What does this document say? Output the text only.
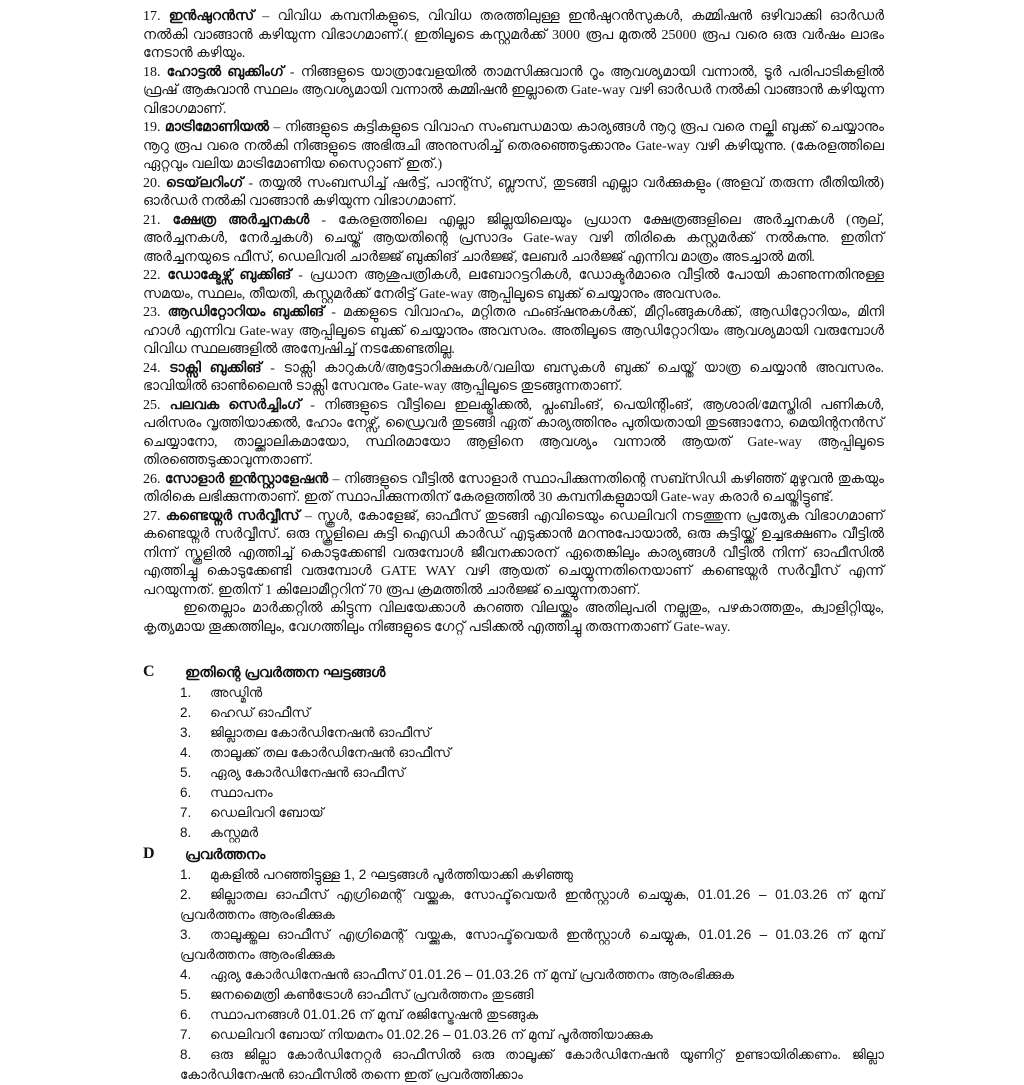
17. ഇൻഷുറൻസ് – വിവിധ കമ്പനികളുടെ, വിവിധ തരത്തിലുള്ള ഇൻഷുറൻസുകൾ, കമ്മിഷൻ ഒഴിവാക്കി ഓർഡർ നൽകി വാങ്ങാൻ കഴിയുന്ന വിഭാഗമാണ്.( ഇതിലൂടെ കസ്റ്റമർക്ക് 3000 രൂപ മുതൽ 25000 രൂപ വരെ ഒരു വർഷം ലാഭം നേടാൻ കഴിയും.

18. ഹോട്ടൽ ബുക്കിംഗ് - നിങ്ങളുടെ യാത്രാവേളയിൽ താമസിക്കുവാൻ റൂം ആവശ്യമായി വന്നാൽ, ടൂർ പരിപാടികളിൽ ഫ്രഷ് ആകുവാൻ സ്ഥലം ആവശ്യമായി വന്നാൽ കമ്മിഷൻ ഇല്ലാതെ Gate-way വഴി ഓർഡർ നൽകി വാങ്ങാൻ കഴിയുന്ന വിഭാഗമാണ്.

19. മാട്രിമോണിയൽ – നിങ്ങളുടെ കുട്ടികളുടെ വിവാഹ സംബന്ധമായ കാര്യങ്ങൾ നൂറു രൂപ വരെ നല്കി ബുക്ക് ചെയ്യാനും നൂറു രൂപ വരെ നൽകി നിങ്ങളുടെ അഭിരുചി അനുസരിച്ച് തെരഞ്ഞെടുക്കാനും Gate-way വഴി കഴിയുന്നു. (കേരളത്തിലെ ഏറ്റവും വലിയ മാട്രിമോണിയ സൈറ്റാണ് ഇത്.)

20. ടെയ്‌ലറിംഗ് - തയ്യൽ സംബന്ധിച്ച് ഷർട്ട്, പാന്റ്സ്, ബ്ലൗസ്, തുടങ്ങി എല്ലാ വർക്കുകളും (അളവ് തരുന്ന രീതിയിൽ) ഓർഡർ നൽകി വാങ്ങാൻ കഴിയുന്ന വിഭാഗമാണ്.

21. ക്ഷേത്ര അർച്ചനകൾ - കേരളത്തിലെ എല്ലാ ജില്ലയിലെയും പ്രധാന ക്ഷേത്രങ്ങളിലെ അർച്ചനകൾ (നൂല്, അർച്ചനകൾ, നേർച്ചകൾ) ചെയ്ത് ആയതിന്റെ പ്രസാദം Gate-way വഴി തിരികെ കസ്റ്റമർക്ക് നൽകുന്നു. ഇതിന് അർച്ചനയുടെ ഫീസ്, ഡെലിവരി ചാർജ്ജ് ബുക്കിങ് ചാർജ്ജ്, ലേബർ ചാർജ്ജ് എന്നിവ മാത്രം അടച്ചാൽ മതി.

22. ഡോക്ടേഴ്സ് ബുക്കിങ് - പ്രധാന ആശുപത്രികൾ, ലബോറട്ടറികൾ, ഡോക്ടർമാരെ വീട്ടിൽ പോയി കാണുന്നതിനുള്ള സമയം, സ്ഥലം, തീയതി, കസ്റ്റമർക്ക് നേരിട്ട് Gate-way ആപ്പിലൂടെ ബുക്ക് ചെയ്യാനും അവസരം.

23. ആഡിറ്റോറിയം ബുക്കിങ് - മക്കളുടെ വിവാഹം, മറ്റിതര ഫംങ്ഷനുകൾക്ക്, മീറ്റിംങ്ങുകൾക്ക്, ആഡിറ്റോറിയം, മിനി ഹാൾ എന്നിവ Gate-way ആപ്പിലൂടെ ബുക്ക് ചെയ്യാനും അവസരം. അതിലൂടെ ആഡിറ്റോറിയം ആവശ്യമായി വരുമ്പോൾ വിവിധ സ്ഥലങ്ങളിൽ അന്വേഷിച്ച് നടക്കേണ്ടതില്ല.

24. ടാക്സി ബുക്കിങ് - ടാക്സി കാറുകൾ/ആട്ടോറിക്ഷകൾ/വലിയ ബസുകൾ ബുക്ക് ചെയ്ത് യാത്ര ചെയ്യാൻ അവസരം. ഭാവിയിൽ ഓൺലൈൻ ടാക്സി സേവനും Gate-way ആപ്പിലൂടെ തുടങ്ങുന്നതാണ്.

25. പലവക സെർച്ചിംഗ് - നിങ്ങളുടെ വീട്ടിലെ ഇലക്ട്രിക്കൽ, പ്ലംബിംങ്, പെയിന്റിംങ്, ആശാരി/മേസ്തിരി പണികൾ, പരിസരം വൃത്തിയാക്കൽ, ഹോം നേഴ്സ്, ഡ്രൈവർ തുടങ്ങി ഏത് കാര്യത്തിനും പുതിയതായി തുടങ്ങാനോ, മെയിന്റനൻസ് ചെയ്യാനോ, താല്ക്കാലികമായോ, സ്ഥിരമായോ ആളിനെ ആവശ്യം വന്നാൽ ആയത് Gate-way ആപ്പിലൂടെ തിരഞ്ഞെടുക്കാവുന്നതാണ്.

26. സോളാർ ഇൻസ്റ്റാളേഷൻ – നിങ്ങളുടെ വീട്ടിൽ സോളാർ സ്ഥാപിക്കുന്നതിന്റെ സബ്സിഡി കഴിഞ്ഞ് മുഴുവൻ തുകയും തിരികെ ലഭിക്കുന്നതാണ്. ഇത് സ്ഥാപിക്കുന്നതിന് കേരളത്തിൽ 30 കമ്പനികളുമായി Gate-way കരാർ ചെയ്തിട്ടുണ്ട്.

27. കണ്ടെയ്നർ സർവ്വീസ് – സ്കൂൾ, കോളേജ്, ഓഫീസ് തുടങ്ങി എവിടെയും ഡെലിവറി നടത്തുന്ന പ്രത്യേക വിഭാഗമാണ് കണ്ടെയ്നർ സർവ്വീസ്. ഒരു സ്കൂളിലെ കുട്ടി ഐഡി കാർഡ് എടുക്കാൻ മറന്നുപോയാൽ, ഒരു കുട്ടിയ്ക്ക് ഉച്ചഭക്ഷണം വീട്ടിൽ നിന്ന് സ്കൂളിൽ എത്തിച്ച് കൊടുക്കേണ്ടി വരുമ്പോൾ ജീവനക്കാരന് ഏതെങ്കിലും കാര്യങ്ങൾ വീട്ടിൽ നിന്ന് ഓഫീസിൽ എത്തിച്ചു കൊടുക്കേണ്ടി വരുമ്പോൾ GATE WAY വഴി ആയത് ചെയ്യുന്നതിനെയാണ് കണ്ടെയ്നർ സർവ്വീസ് എന്ന് പറയുന്നത്. ഇതിന് 1 കിലോമീറ്ററിന് 70 രൂപ ക്രമത്തിൽ ചാർജ്ജ് ചെയ്യുന്നതാണ്.

ഇതെല്ലാം മാർക്കറ്റിൽ കിട്ടുന്ന വിലയേക്കാൾ കുറഞ്ഞ വിലയ്ക്കും അതിലുപരി നല്ലതും, പഴകാത്തതും, ക്വാളിറ്റിയും, കൃത്യമായ തൂക്കത്തിലും, വേഗത്തിലും നിങ്ങളുടെ ഗേറ്റ് പടിക്കൽ എത്തിച്ചു തരുന്നതാണ് Gate-way.

C	ഇതിന്റെ പ്രവർത്തന ഘട്ടങ്ങൾ
1. അഡ്മിൻ
2. ഹെഡ് ഓഫീസ്
3. ജില്ലാതല കോർഡിനേഷൻ ഓഫീസ്
4. താലൂക്ക് തല കോർഡിനേഷൻ ഓഫീസ്
5. ഏര്യ കോർഡിനേഷൻ ഓഫീസ്
6. സ്ഥാപനം
7. ഡെലിവറി ബോയ്
8. കസ്റ്റമർ
D	പ്രവർത്തനം
1. മുകളിൽ പറഞ്ഞിട്ടുള്ള 1, 2 ഘട്ടങ്ങൾ പൂർത്തിയാക്കി കഴിഞ്ഞു
2. ജില്ലാതല ഓഫീസ് എഗ്രിമെന്റ് വയ്ക്കുക, സോഫ്ട്‌വെയർ ഇൻസ്റ്റാൾ ചെയ്യുക, 01.01.26 – 01.03.26 ന് മുമ്പ് പ്രവർത്തനം ആരംഭിക്കുക
3. താലൂക്ക്തല ഓഫീസ് എഗ്രിമെന്റ് വയ്ക്കുക, സോഫ്ട്‌വെയർ ഇൻസ്റ്റാൾ ചെയ്യുക, 01.01.26 – 01.03.26 ന് മുമ്പ് പ്രവർത്തനം ആരംഭിക്കുക
4. ഏര്യ കോർഡിനേഷൻ ഓഫീസ് 01.01.26 – 01.03.26 ന് മുമ്പ് പ്രവർത്തനം ആരംഭിക്കുക
5. ജനമൈത്രി കൺട്രോൾ ഓഫീസ് പ്രവർത്തനം തുടങ്ങി
6. സ്ഥാപനങ്ങൾ 01.01.26 ന് മുമ്പ് രജിസ്ട്രേഷൻ തുടങ്ങുക
7. ഡെലിവറി ബോയ് നിയമനം 01.02.26 – 01.03.26 ന് മുമ്പ് പൂർത്തിയാക്കുക
8. ഒരു ജില്ലാ കോർഡിനേറ്റർ ഓഫീസിൽ ഒരു താലൂക്ക് കോർഡിനേഷൻ യൂണിറ്റ് ഉണ്ടായിരിക്കണം. ജില്ലാ കോർഡിനേഷൻ ഓഫീസിൽ തന്നെ ഇത് പ്രവർത്തിക്കാം
